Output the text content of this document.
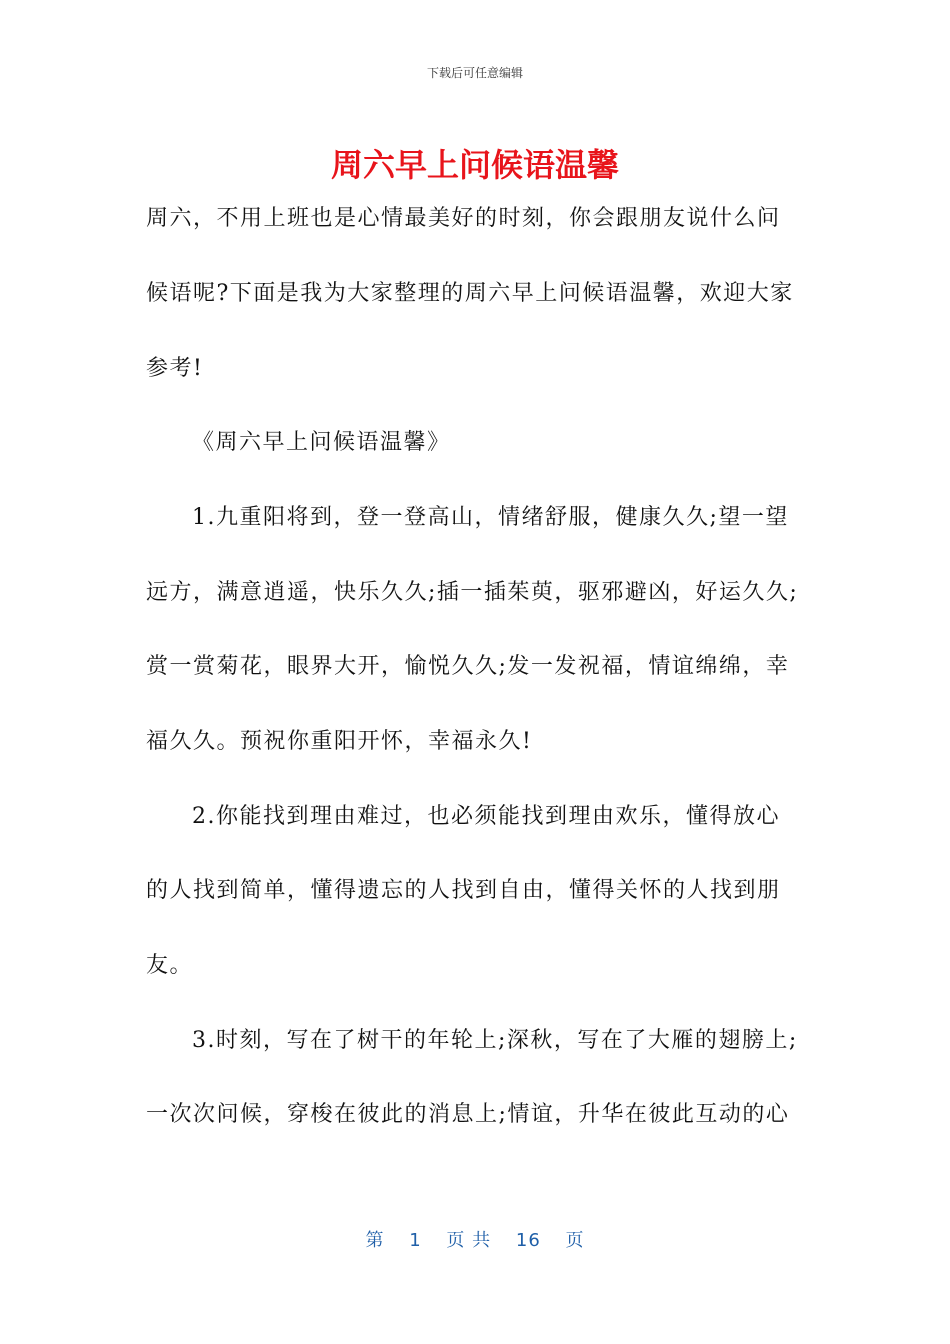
下载后可任意编辑
周六早上问候语温馨
周六，不用上班也是心情最美好的时刻，你会跟朋友说什么问
候语呢?下面是我为大家整理的周六早上问候语温馨，欢迎大家
参考!
《周六早上问候语温馨》
1.九重阳将到，登一登高山，情绪舒服，健康久久;望一望
远方，满意逍遥，快乐久久;插一插茱萸，驱邪避凶，好运久久;
赏一赏菊花，眼界大开，愉悦久久;发一发祝福，情谊绵绵，幸
福久久。预祝你重阳开怀，幸福永久!
2.你能找到理由难过，也必须能找到理由欢乐，懂得放心
的人找到简单，懂得遗忘的人找到自由，懂得关怀的人找到朋
友。
3.时刻，写在了树干的年轮上;深秋，写在了大雁的翅膀上;
一次次问候，穿梭在彼此的消息上;情谊，升华在彼此互动的心
第 1 页 共 16 页
